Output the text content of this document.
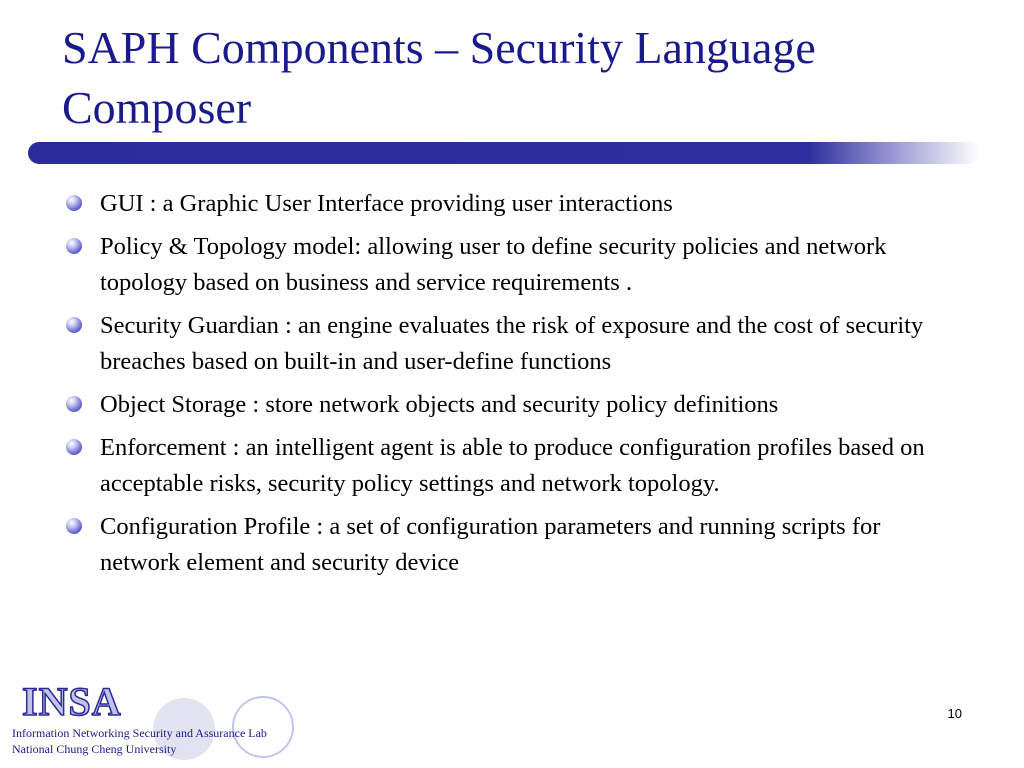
SAPH Components – Security Language Composer
GUI : a Graphic User Interface providing user interactions
Policy & Topology model: allowing user to define security policies and network topology based on business and service requirements .
Security Guardian : an engine evaluates the risk of exposure and the cost of security breaches based on built-in and user-define functions
Object Storage : store network objects and security policy definitions
Enforcement : an intelligent agent is able to produce configuration profiles based on acceptable risks, security policy settings and network topology.
Configuration Profile : a set of configuration parameters and running scripts for network element and security device
INSA
Information Networking Security and Assurance Lab
National Chung Cheng University
10
